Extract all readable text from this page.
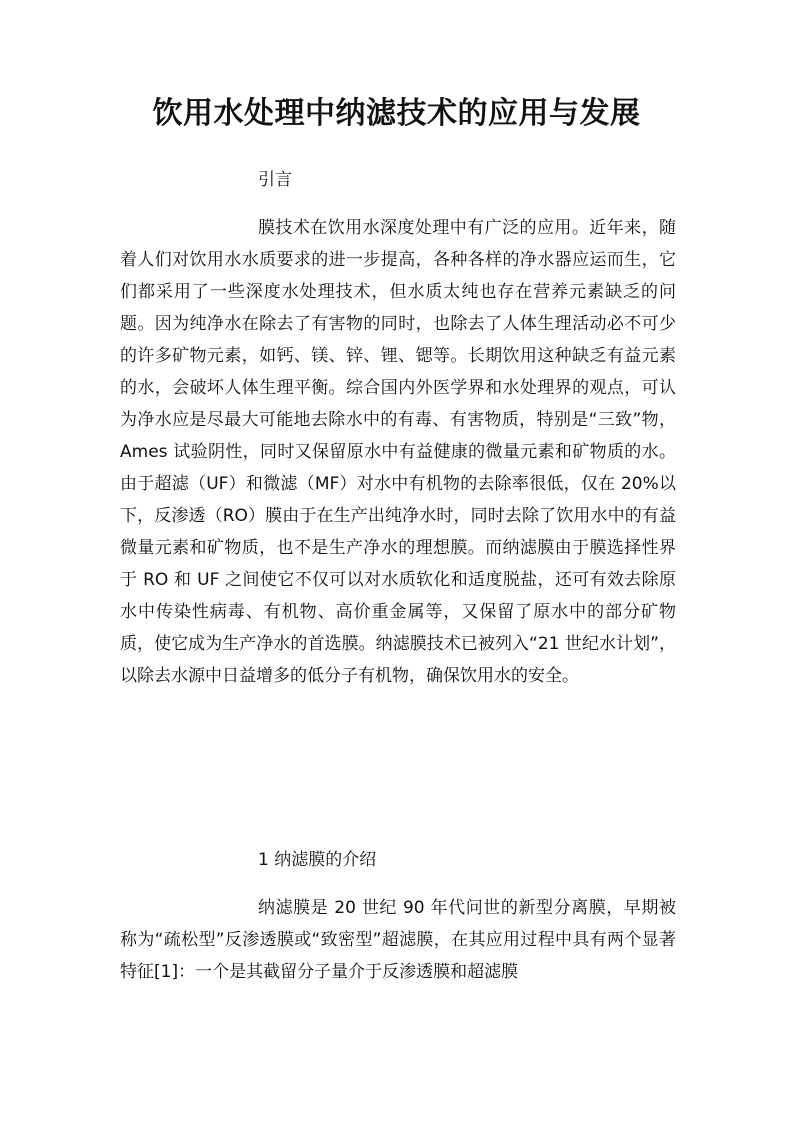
饮用水处理中纳滤技术的应用与发展
引言

膜技术在饮用水深度处理中有广泛的应用。近年来，随着人们对饮用水水质要求的进一步提高，各种各样的净水器应运而生，它们都采用了一些深度水处理技术，但水质太纯也存在营养元素缺乏的问题。因为纯净水在除去了有害物的同时，也除去了人体生理活动必不可少的许多矿物元素，如钙、镁、锌、锂、锶等。长期饮用这种缺乏有益元素的水，会破坏人体生理平衡。综合国内外医学界和水处理界的观点，可认为净水应是尽最大可能地去除水中的有毒、有害物质，特别是“三致”物，Ames 试验阴性，同时又保留原水中有益健康的微量元素和矿物质的水。由于超滤（UF）和微滤（MF）对水中有机物的去除率很低，仅在 20%以下，反渗透（RO）膜由于在生产出纯净水时，同时去除了饮用水中的有益微量元素和矿物质，也不是生产净水的理想膜。而纳滤膜由于膜选择性界于 RO 和 UF 之间使它不仅可以对水质软化和适度脱盐，还可有效去除原水中传染性病毒、有机物、高价重金属等，又保留了原水中的部分矿物质，使它成为生产净水的首选膜。纳滤膜技术已被列入“21 世纪水计划”，以除去水源中日益增多的低分子有机物，确保饮用水的安全。

1 纳滤膜的介绍

纳滤膜是 20 世纪 90 年代问世的新型分离膜，早期被称为“疏松型”反渗透膜或“致密型”超滤膜，在其应用过程中具有两个显著特征[1]：一个是其截留分子量介于反渗透膜和超滤膜
